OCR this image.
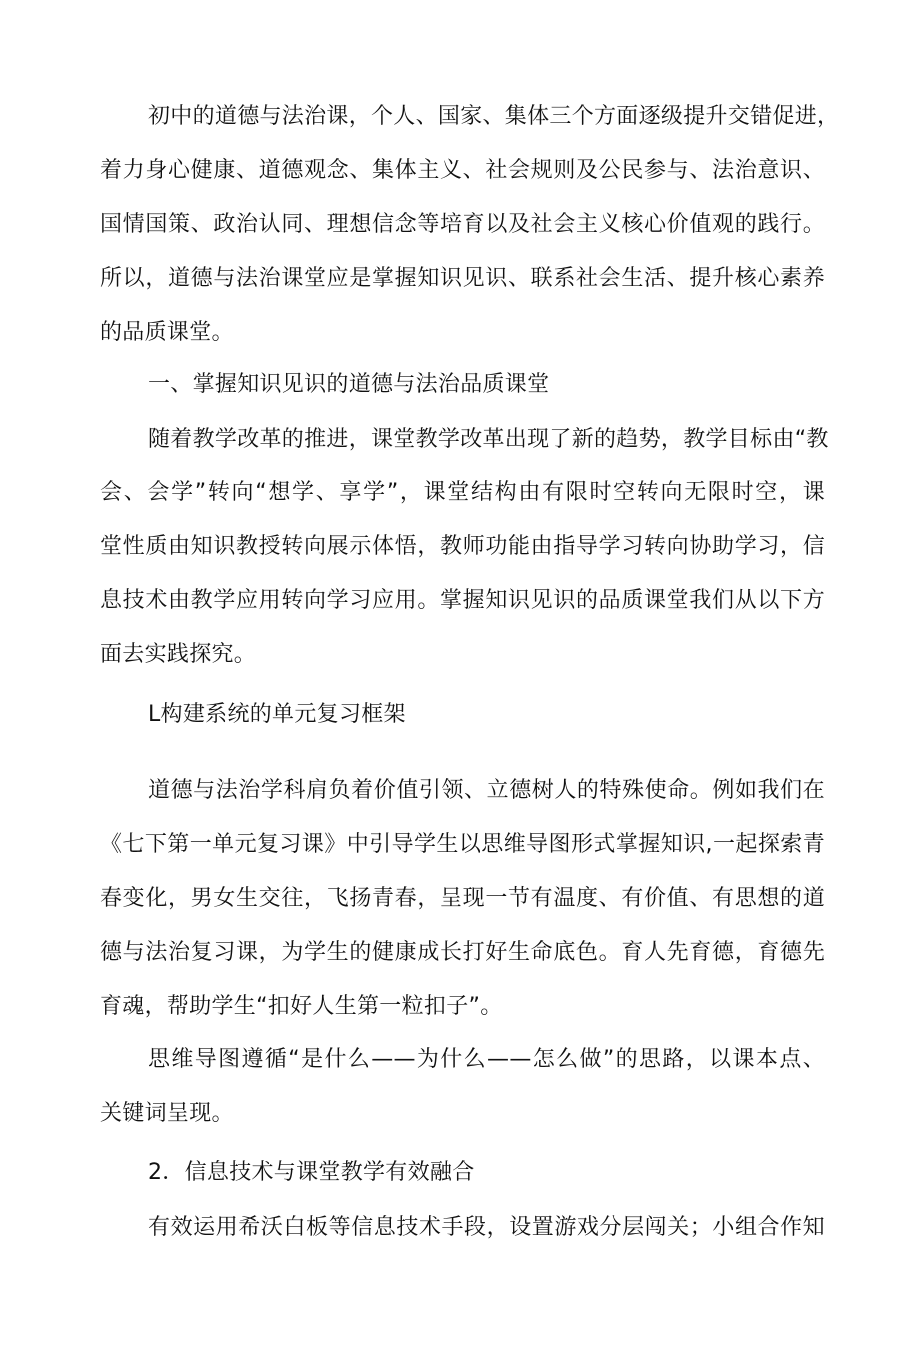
初中的道德与法治课，个人、国家、集体三个方面逐级提升交错促进，
着力身心健康、道德观念、集体主义、社会规则及公民参与、法治意识、
国情国策、政治认同、理想信念等培育以及社会主义核心价值观的践行。
所以，道德与法治课堂应是掌握知识见识、联系社会生活、提升核心素养
的品质课堂。
一、掌握知识见识的道德与法治品质课堂
随着教学改革的推进，课堂教学改革出现了新的趋势，教学目标由“教
会、会学”转向“想学、享学”，课堂结构由有限时空转向无限时空，课
堂性质由知识教授转向展示体悟，教师功能由指导学习转向协助学习，信
息技术由教学应用转向学习应用。掌握知识见识的品质课堂我们从以下方
面去实践探究。
L构建系统的单元复习框架
道德与法治学科肩负着价值引领、立德树人的特殊使命。例如我们在
《七下第一单元复习课》中引导学生以思维导图形式掌握知识,一起探索青
春变化，男女生交往，飞扬青春，呈现一节有温度、有价值、有思想的道
德与法治复习课，为学生的健康成长打好生命底色。育人先育德，育德先
育魂，帮助学生“扣好人生第一粒扣子”。
思维导图遵循“是什么——为什么——怎么做”的思路，以课本点、
关键词呈现。
2．信息技术与课堂教学有效融合
有效运用希沃白板等信息技术手段，设置游戏分层闯关；小组合作知
